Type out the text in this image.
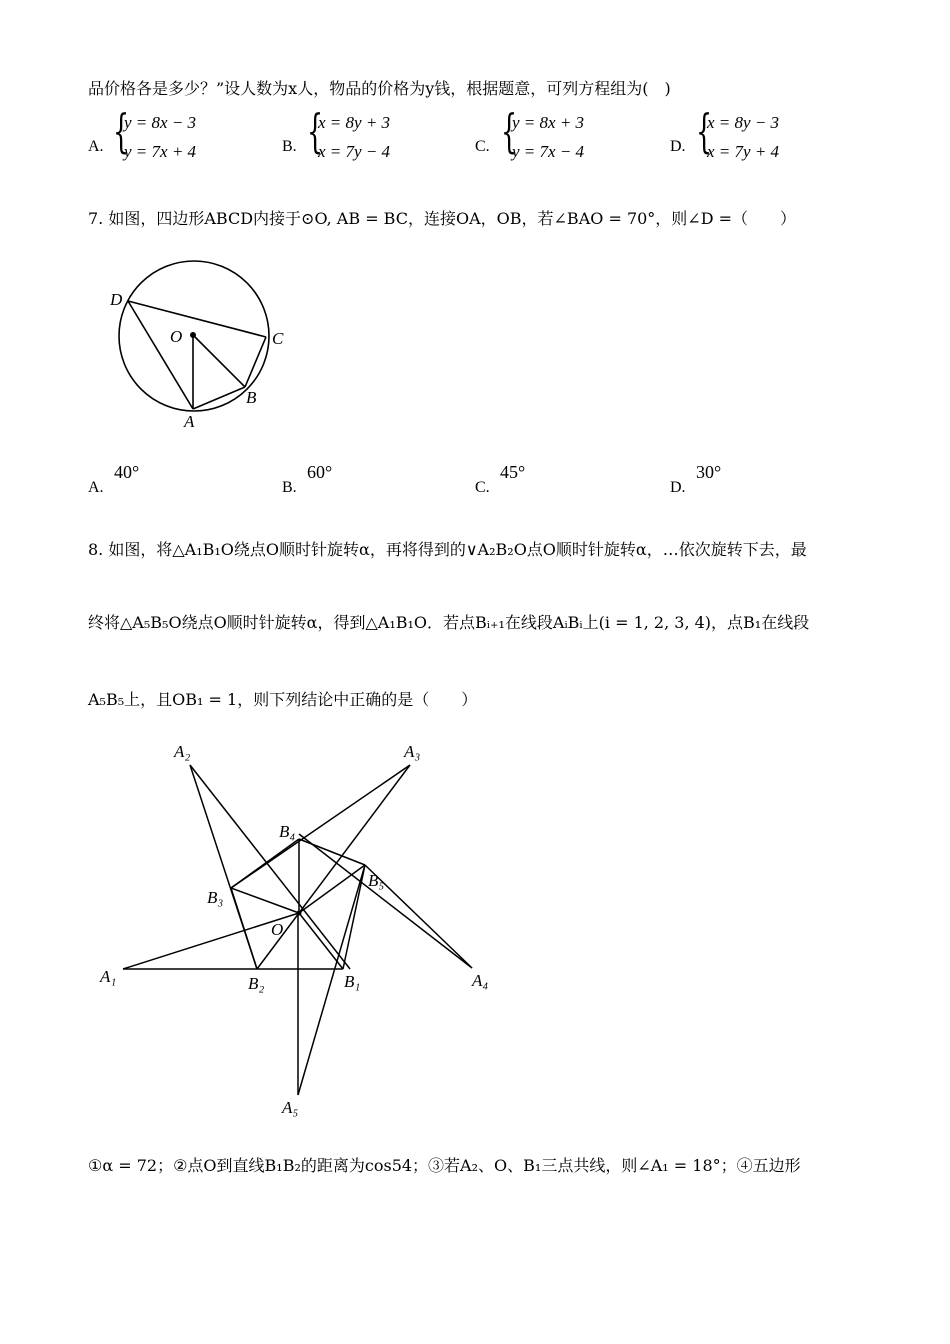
品价格各是多少？”设人数为x人，物品的价格为y钱，根据题意，可列方程组为(　)
A. {
y = 8x − 3
y = 7x + 4	B. {
x = 8y + 3
x = 7y − 4	C. {
y = 8x + 3
y = 7x − 4	D. {
x = 8y − 3
x = 7y + 4
7. 如图，四边形ABCD内接于⊙O, AB = BC，连接OA，OB，若∠BAO = 70°，则∠D =（　　）
D
O	C
B
A
A.
40°
B.
60°
C.
45°
D.
30°
8. 如图，将△A₁B₁O绕点O顺时针旋转α，再将得到的∨A₂B₂O点O顺时针旋转α，…依次旋转下去，最
终将△A₅B₅O绕点O顺时针旋转α，得到△A₁B₁O．若点Bᵢ₊₁在线段AᵢBᵢ上(i = 1, 2, 3, 4)，点B₁在线段
A₅B₅上，且OB₁ = 1，则下列结论中正确的是（　　）
A₂	A₃
B₄
B₅
B₃
O
A₁	B₂	B₁	A₄
A₅
①α = 72；②点O到直线B₁B₂的距离为cos54；③若A₂、O、B₁三点共线，则∠A₁ = 18°；④五边形
